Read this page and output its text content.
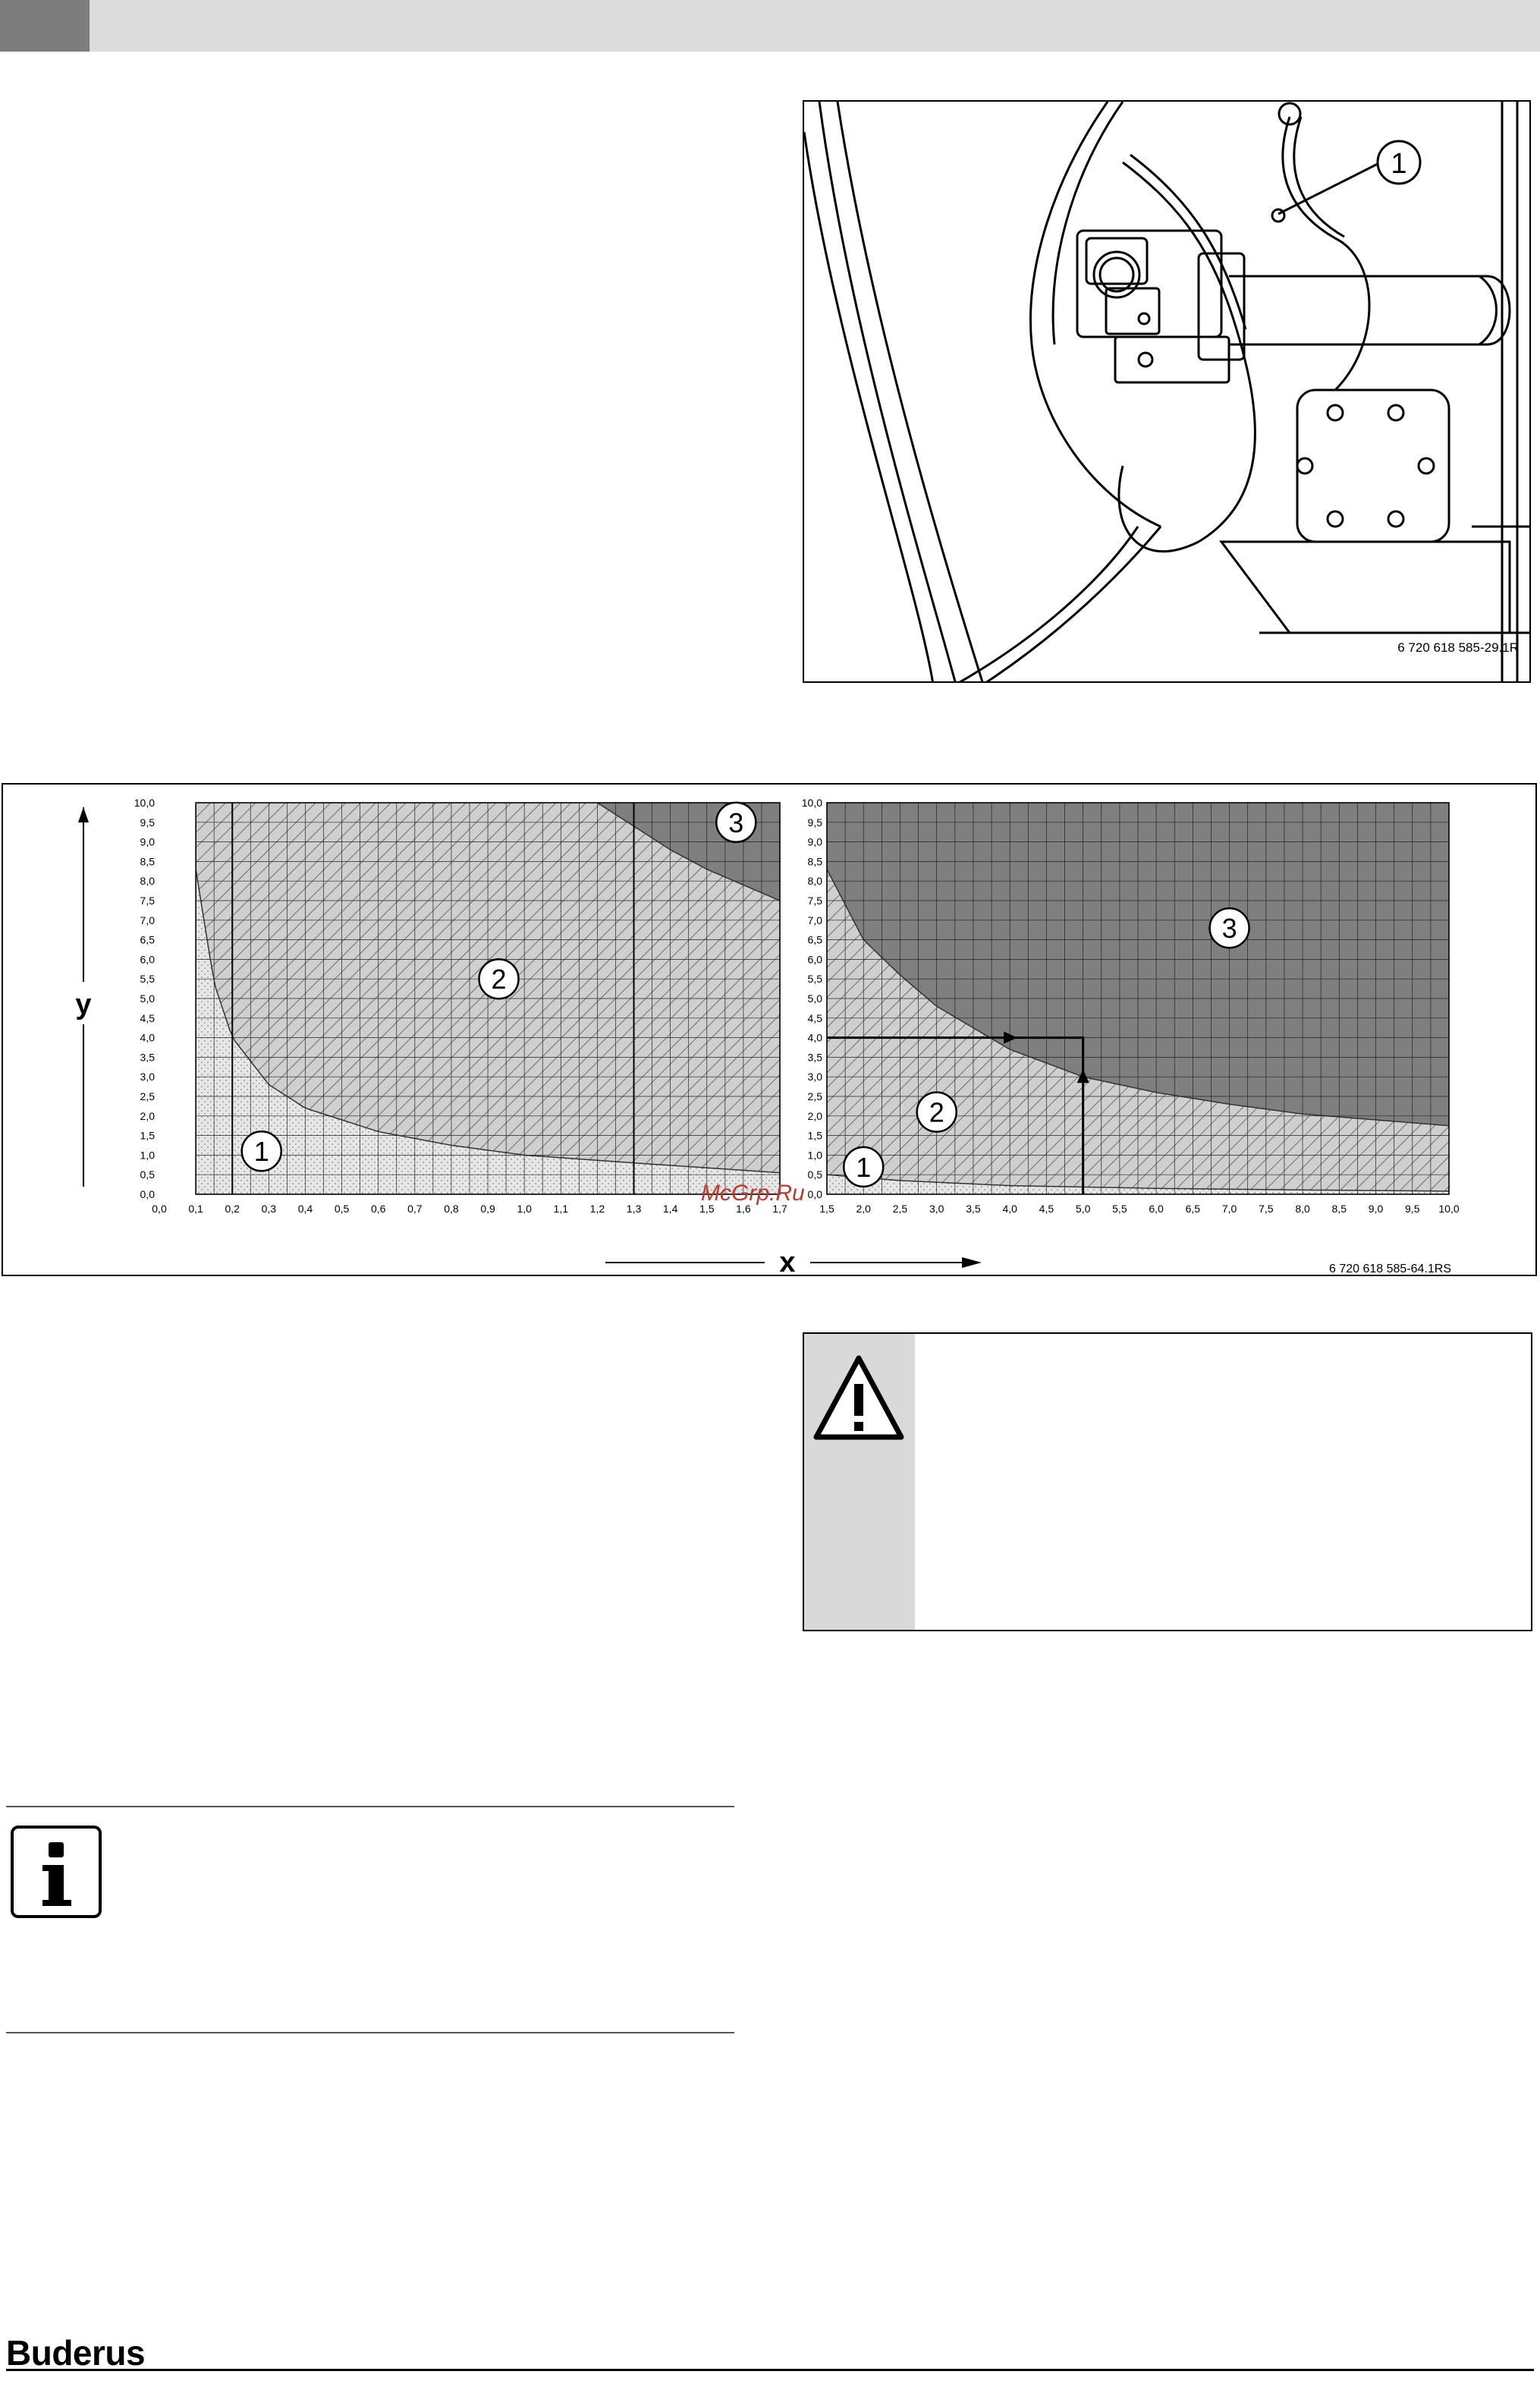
1
6 720 618 585-29.1R
0,0 0,1 0,2 0,3 0,4 0,5 0,6 0,7 0,8 0,9 1,0 1,1 1,2 1,3 1,4 1,5 1,6 1,7
0,0
0,5
1,0
1,5
2,0
2,5
3,0
3,5
4,0
4,5
5,0
5,5
6,0
6,5
7,0
7,5
8,0
8,5
9,0
9,5
10,0
1
2
3
1,5 2,0 2,5 3,0 3,5 4,0 4,5 5,0 5,5 6,0 6,5 7,0 7,5 8,0 8,5 9,0 9,5 10,0
0,0
0,5
1,0
1,5
2,0
2,5
3,0
3,5
4,0
4,5
5,0
5,5
6,0
6,5
7,0
7,5
8,0
8,5
9,0
9,5
10,0
1
2
3
y
x
McGrp.Ru
6 720 618 585-64.1RS
Buderus
